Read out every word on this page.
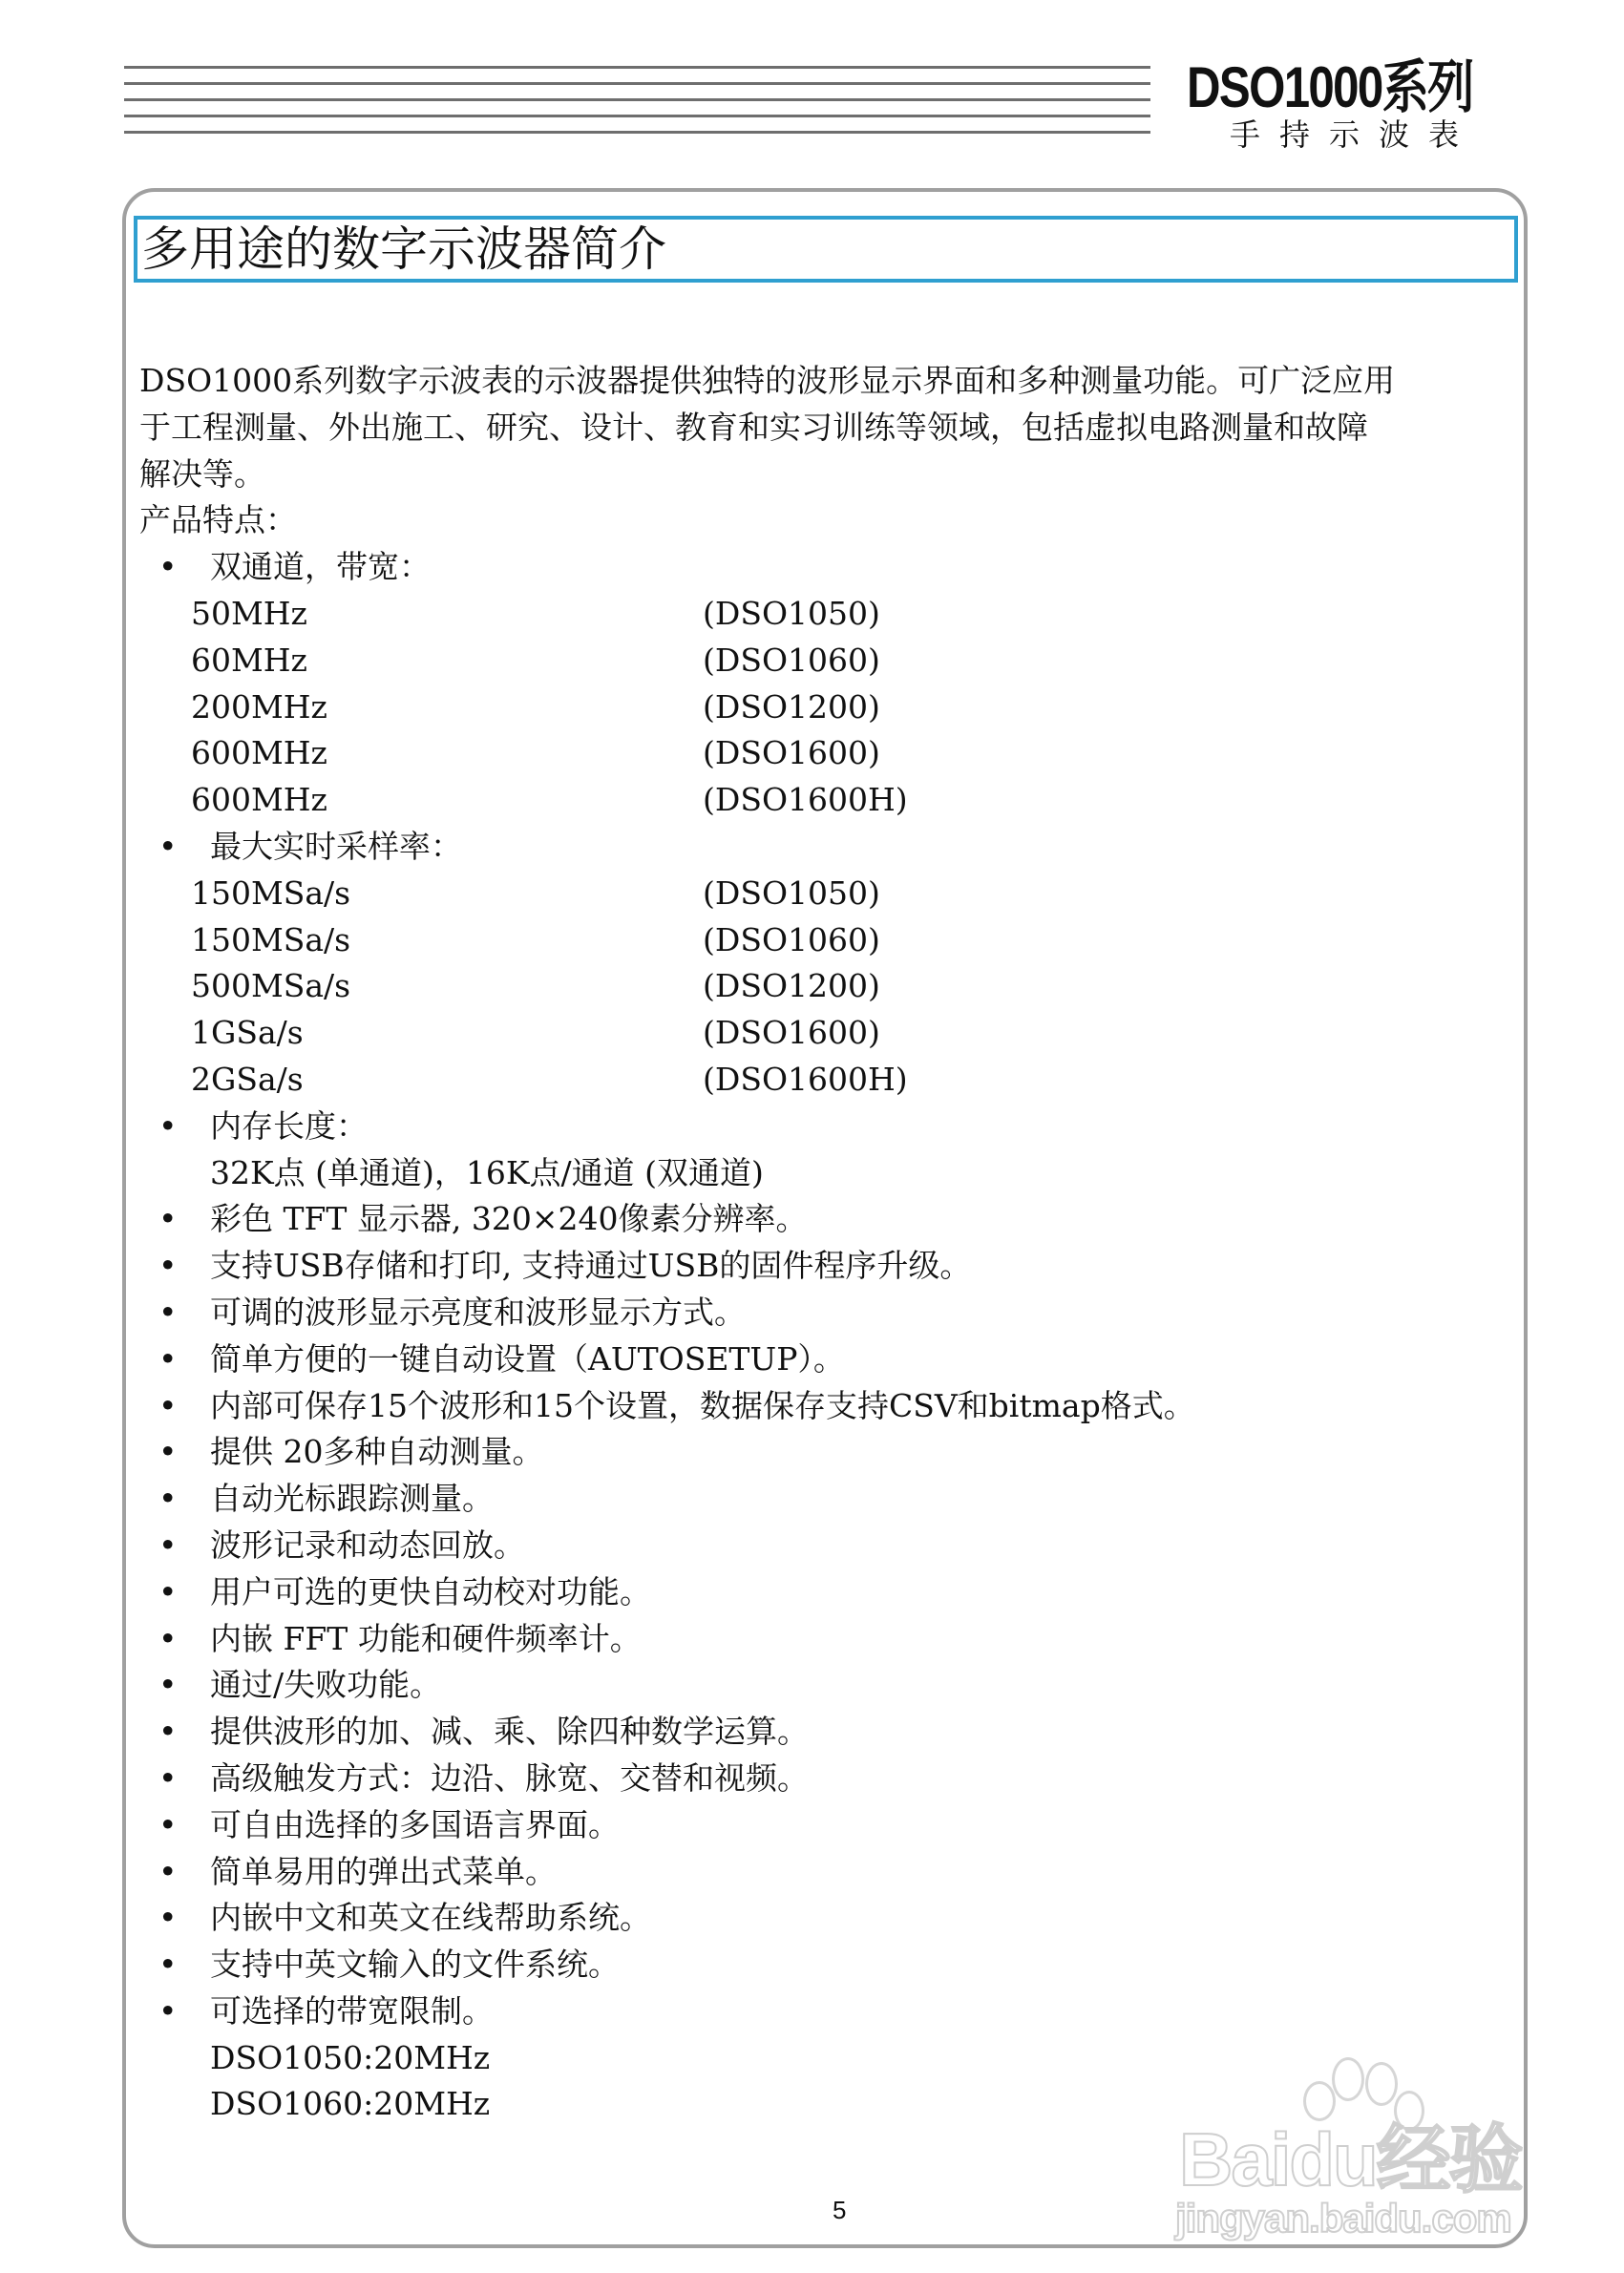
DSO1000系列
手持示波表
多用途的数字示波器简介
DSO1000系列数字示波表的示波器提供独特的波形显示界面和多种测量功能。可广泛应用
于工程测量、外出施工、研究、设计、教育和实习训练等领域，包括虚拟电路测量和故障
解决等。
产品特点：
• 双通道，带宽：
50MHz	(DSO1050)
60MHz	(DSO1060)
200MHz	(DSO1200)
600MHz	(DSO1600)
600MHz	(DSO1600H)
• 最大实时采样率：
150MSa/s	(DSO1050)
150MSa/s	(DSO1060)
500MSa/s	(DSO1200)
1GSa/s	(DSO1600)
2GSa/s	(DSO1600H)
• 内存长度：
32K点 (单通道)，16K点/通道 (双通道)
• 彩色 TFT 显示器, 320×240像素分辨率。
• 支持USB存储和打印, 支持通过USB的固件程序升级。
• 可调的波形显示亮度和波形显示方式。
• 简单方便的一键自动设置（AUTOSETUP）。
• 内部可保存15个波形和15个设置，数据保存支持CSV和bitmap格式。
• 提供 20多种自动测量。
• 自动光标跟踪测量。
• 波形记录和动态回放。
• 用户可选的更快自动校对功能。
• 内嵌 FFT 功能和硬件频率计。
• 通过/失败功能。
• 提供波形的加、减、乘、除四种数学运算。
• 高级触发方式：边沿、脉宽、交替和视频。
• 可自由选择的多国语言界面。
• 简单易用的弹出式菜单。
• 内嵌中文和英文在线帮助系统。
• 支持中英文输入的文件系统。
• 可选择的带宽限制。
DSO1050:20MHz
DSO1060:20MHz
5
Baidu经验
jingyan.baidu.com
